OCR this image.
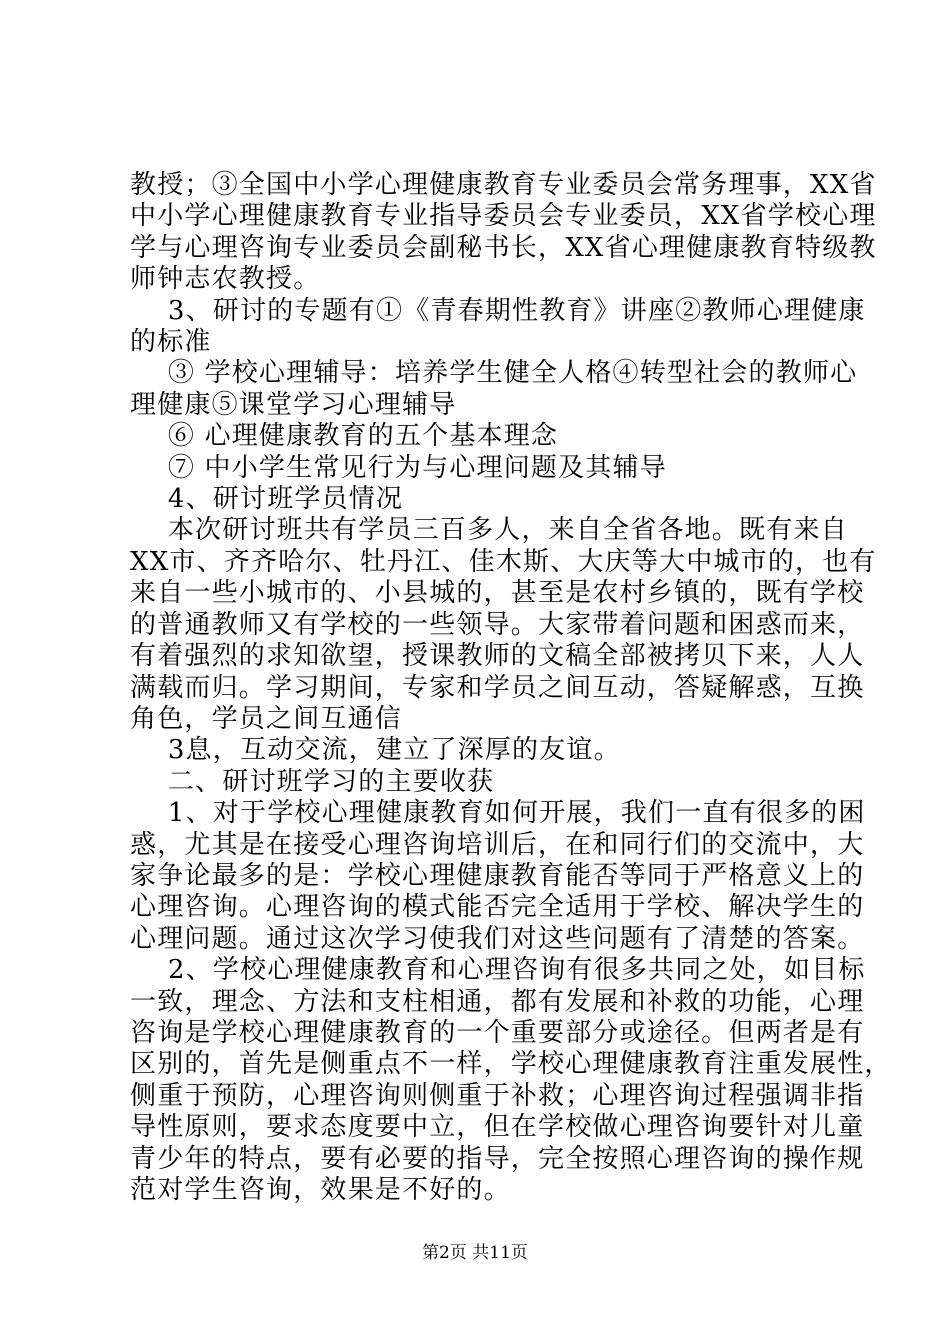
教授；③全国中小学心理健康教育专业委员会常务理事，XX省

中小学心理健康教育专业指导委员会专业委员，XX省学校心理

学与心理咨询专业委员会副秘书长，XX省心理健康教育特级教

师钟志农教授。

3、研讨的专题有①《青春期性教育》讲座②教师心理健康

的标准

③ 学校心理辅导：培养学生健全人格④转型社会的教师心

理健康⑤课堂学习心理辅导

⑥ 心理健康教育的五个基本理念

⑦ 中小学生常见行为与心理问题及其辅导

4、研讨班学员情况

本次研讨班共有学员三百多人，来自全省各地。既有来自

XX市、齐齐哈尔、牡丹江、佳木斯、大庆等大中城市的，也有

来自一些小城市的、小县城的，甚至是农村乡镇的，既有学校

的普通教师又有学校的一些领导。大家带着问题和困惑而来，

有着强烈的求知欲望，授课教师的文稿全部被拷贝下来，人人

满载而归。学习期间，专家和学员之间互动，答疑解惑，互换

角色，学员之间互通信

3息，互动交流，建立了深厚的友谊。

二、研讨班学习的主要收获

1、对于学校心理健康教育如何开展，我们一直有很多的困

惑，尤其是在接受心理咨询培训后，在和同行们的交流中，大

家争论最多的是：学校心理健康教育能否等同于严格意义上的

心理咨询。心理咨询的模式能否完全适用于学校、解决学生的

心理问题。通过这次学习使我们对这些问题有了清楚的答案。

2、学校心理健康教育和心理咨询有很多共同之处，如目标

一致，理念、方法和支柱相通，都有发展和补救的功能，心理

咨询是学校心理健康教育的一个重要部分或途径。但两者是有

区别的，首先是侧重点不一样，学校心理健康教育注重发展性，

侧重于预防，心理咨询则侧重于补救；心理咨询过程强调非指

导性原则，要求态度要中立，但在学校做心理咨询要针对儿童

青少年的特点，要有必要的指导，完全按照心理咨询的操作规

范对学生咨询，效果是不好的。

第2页 共11页
